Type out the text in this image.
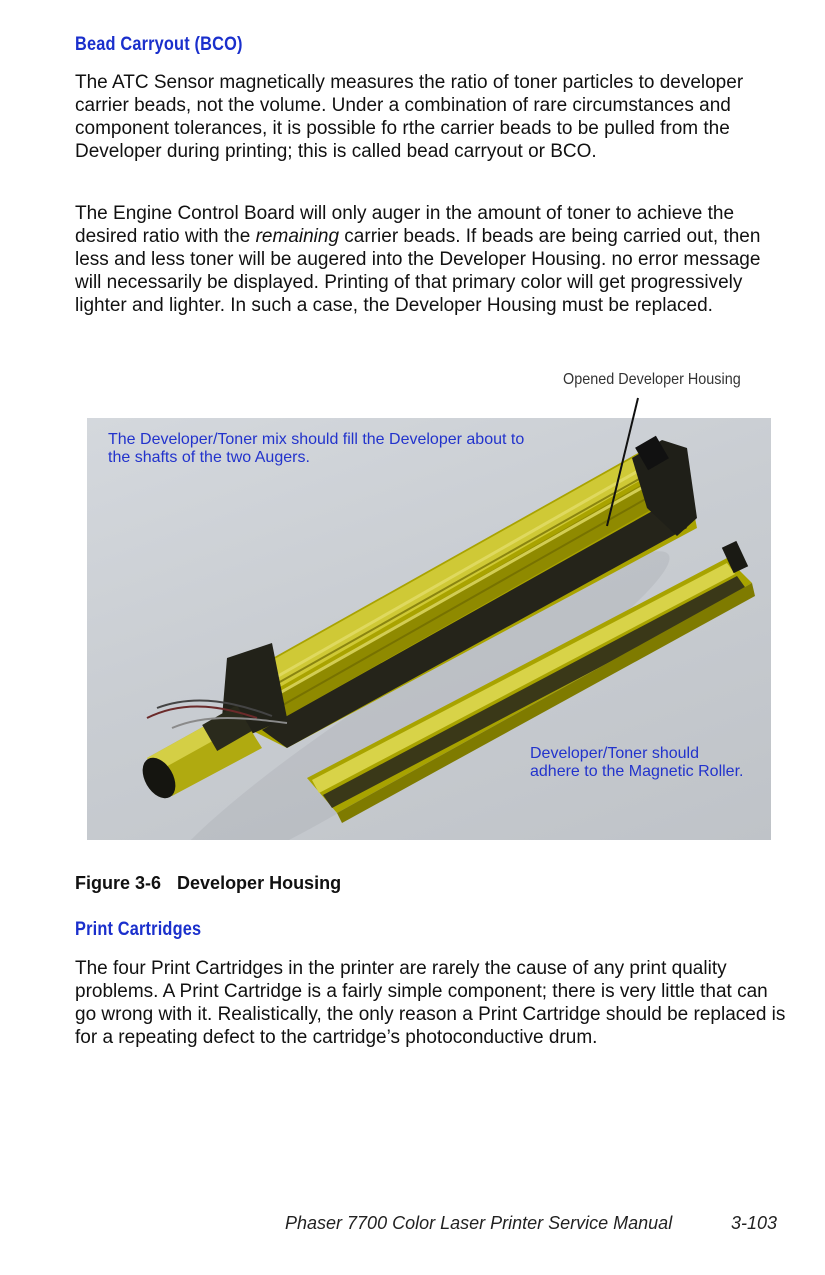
Bead Carryout (BCO)

The ATC Sensor magnetically measures the ratio of toner particles to developer carrier beads, not the volume. Under a combination of rare circumstances and component tolerances, it is possible fo rthe carrier beads to be pulled from the Developer during printing; this is called bead carryout or BCO.

The Engine Control Board will only auger in the amount of toner to achieve the desired ratio with the remaining carrier beads. If beads are being carried out, then less and less toner will be augered into the Developer Housing. no error message will necessarily be displayed. Printing of that primary color will get progressively lighter and lighter. In such a case, the Developer Housing must be replaced.

Opened Developer Housing
The Developer/Toner mix should fill the Developer about to the shafts of the two Augers.
Developer/Toner should adhere to the Magnetic Roller.
Figure 3-6 Developer Housing
Print Cartridges

The four Print Cartridges in the printer are rarely the cause of any print quality problems. A Print Cartridge is a fairly simple component; there is very little that can go wrong with it. Realistically, the only reason a Print Cartridge should be replaced is for a repeating defect to the cartridge’s photoconductive drum.

Phaser 7700 Color Laser Printer Service Manual	3-103
